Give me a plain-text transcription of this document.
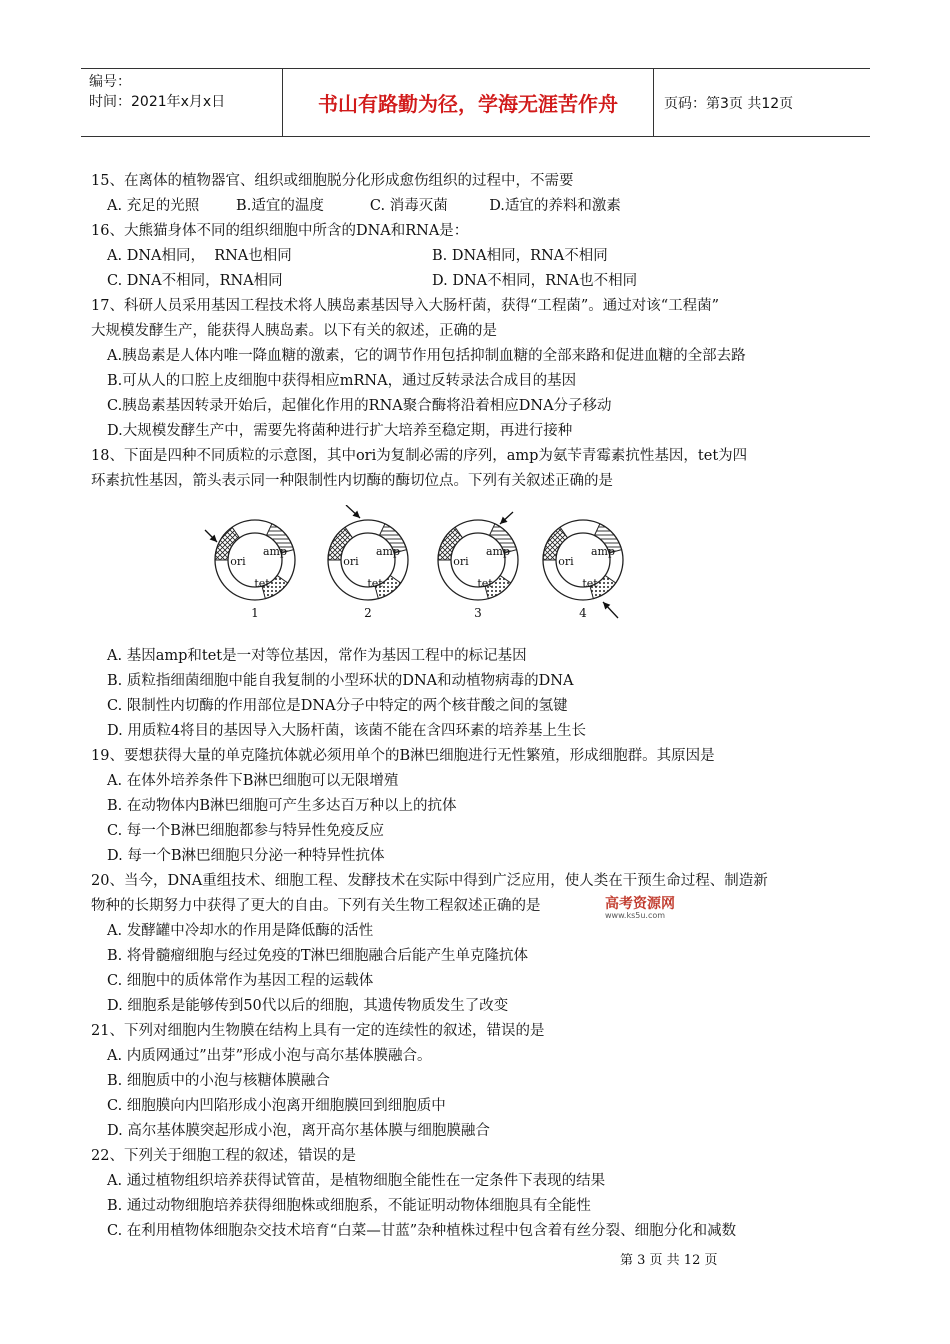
编号：
时间：2021年x月x日	书山有路勤为径，学海无涯苦作舟	页码：第3页 共12页
15、在离体的植物器官、组织或细胞脱分化形成愈伤组织的过程中，不需要
A. 充足的光照        B.适宜的温度          C. 消毒灭菌         D.适宜的养料和激素
16、大熊猫身体不同的组织细胞中所含的DNA和RNA是：
A. DNA相同，  RNA也相同	B. DNA相同，RNA不相同
C. DNA不相同，RNA相同	D. DNA不相同，RNA也不相同
17、科研人员采用基因工程技术将人胰岛素基因导入大肠杆菌，获得“工程菌”。通过对该“工程菌”
大规模发酵生产，能获得人胰岛素。以下有关的叙述，正确的是
A.胰岛素是人体内唯一降血糖的激素，它的调节作用包括抑制血糖的全部来路和促进血糖的全部去路
B.可从人的口腔上皮细胞中获得相应mRNA，通过反转录法合成目的基因
C.胰岛素基因转录开始后，起催化作用的RNA聚合酶将沿着相应DNA分子移动
D.大规模发酵生产中，需要先将菌种进行扩大培养至稳定期，再进行接种
18、下面是四种不同质粒的示意图，其中ori为复制必需的序列，amp为氨苄青霉素抗性基因，tet为四
环素抗性基因，箭头表示同一种限制性内切酶的酶切位点。下列有关叙述正确的是
amp
ori
tet
1
amp
ori
tet
2
amp
ori
tet
3
amp
ori
tet
4
A. 基因amp和tet是一对等位基因，常作为基因工程中的标记基因
B. 质粒指细菌细胞中能自我复制的小型环状的DNA和动植物病毒的DNA
C. 限制性内切酶的作用部位是DNA分子中特定的两个核苷酸之间的氢键
D. 用质粒4将目的基因导入大肠杆菌，该菌不能在含四环素的培养基上生长
19、要想获得大量的单克隆抗体就必须用单个的B淋巴细胞进行无性繁殖，形成细胞群。其原因是
A. 在体外培养条件下B淋巴细胞可以无限增殖
B. 在动物体内B淋巴细胞可产生多达百万种以上的抗体
C. 每一个B淋巴细胞都参与特异性免疫反应
D. 每一个B淋巴细胞只分泌一种特异性抗体
20、当今，DNA重组技术、细胞工程、发酵技术在实际中得到广泛应用，使人类在干预生命过程、制造新
物种的长期努力中获得了更大的自由。下列有关生物工程叙述正确的是	高考资源网
www.ks5u.com
A. 发酵罐中冷却水的作用是降低酶的活性
B. 将骨髓瘤细胞与经过免疫的T淋巴细胞融合后能产生单克隆抗体
C. 细胞中的质体常作为基因工程的运载体
D. 细胞系是能够传到50代以后的细胞，其遗传物质发生了改变
21、下列对细胞内生物膜在结构上具有一定的连续性的叙述，错误的是
A. 内质网通过”出芽”形成小泡与高尔基体膜融合。
B. 细胞质中的小泡与核糖体膜融合
C. 细胞膜向内凹陷形成小泡离开细胞膜回到细胞质中
D. 高尔基体膜突起形成小泡，离开高尔基体膜与细胞膜融合
22、下列关于细胞工程的叙述，错误的是
A. 通过植物组织培养获得试管苗，是植物细胞全能性在一定条件下表现的结果
B. 通过动物细胞培养获得细胞株或细胞系，不能证明动物体细胞具有全能性
C. 在利用植物体细胞杂交技术培育“白菜—甘蓝”杂种植株过程中包含着有丝分裂、细胞分化和减数
第 3 页 共 12 页
